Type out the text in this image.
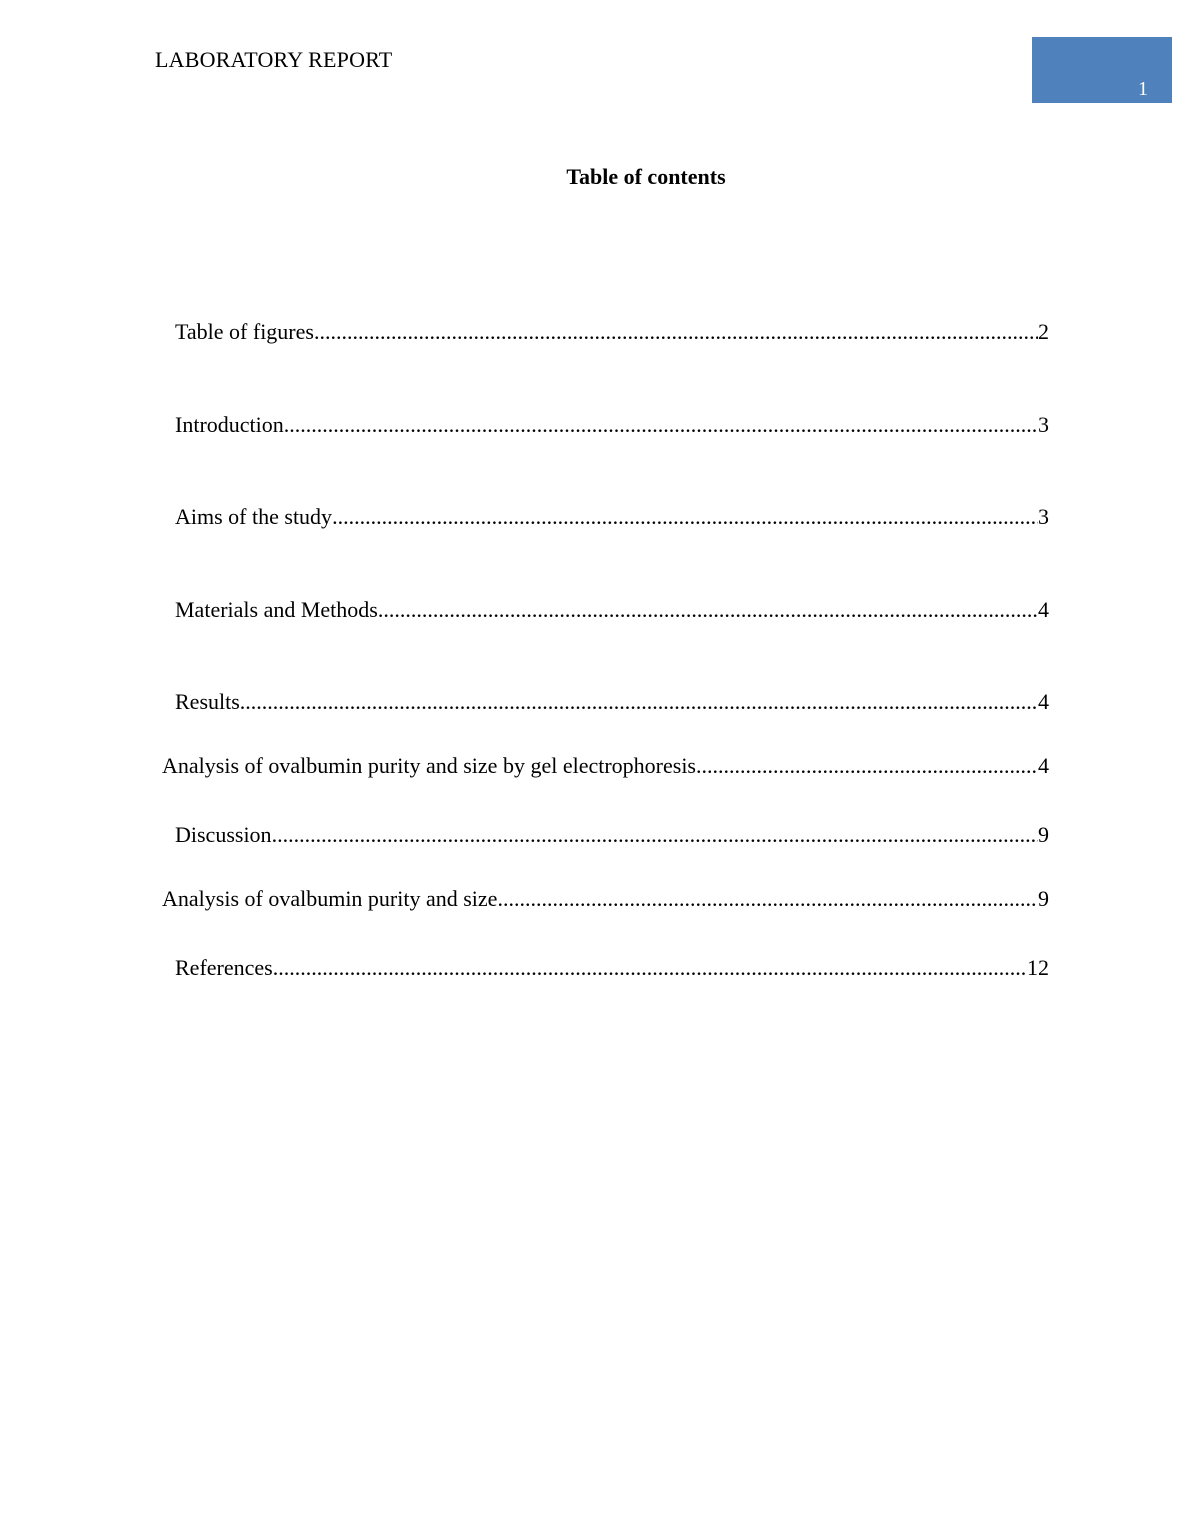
LABORATORY REPORT
1
Table of contents
Table of figures .....	2
Introduction .....	3
Aims of the study .....	3
Materials and Methods .....	4
Results .....	4
Analysis of ovalbumin purity and size by gel electrophoresis .....	4
Discussion .....	9
Analysis of ovalbumin purity and size .....	9
References .....	12
